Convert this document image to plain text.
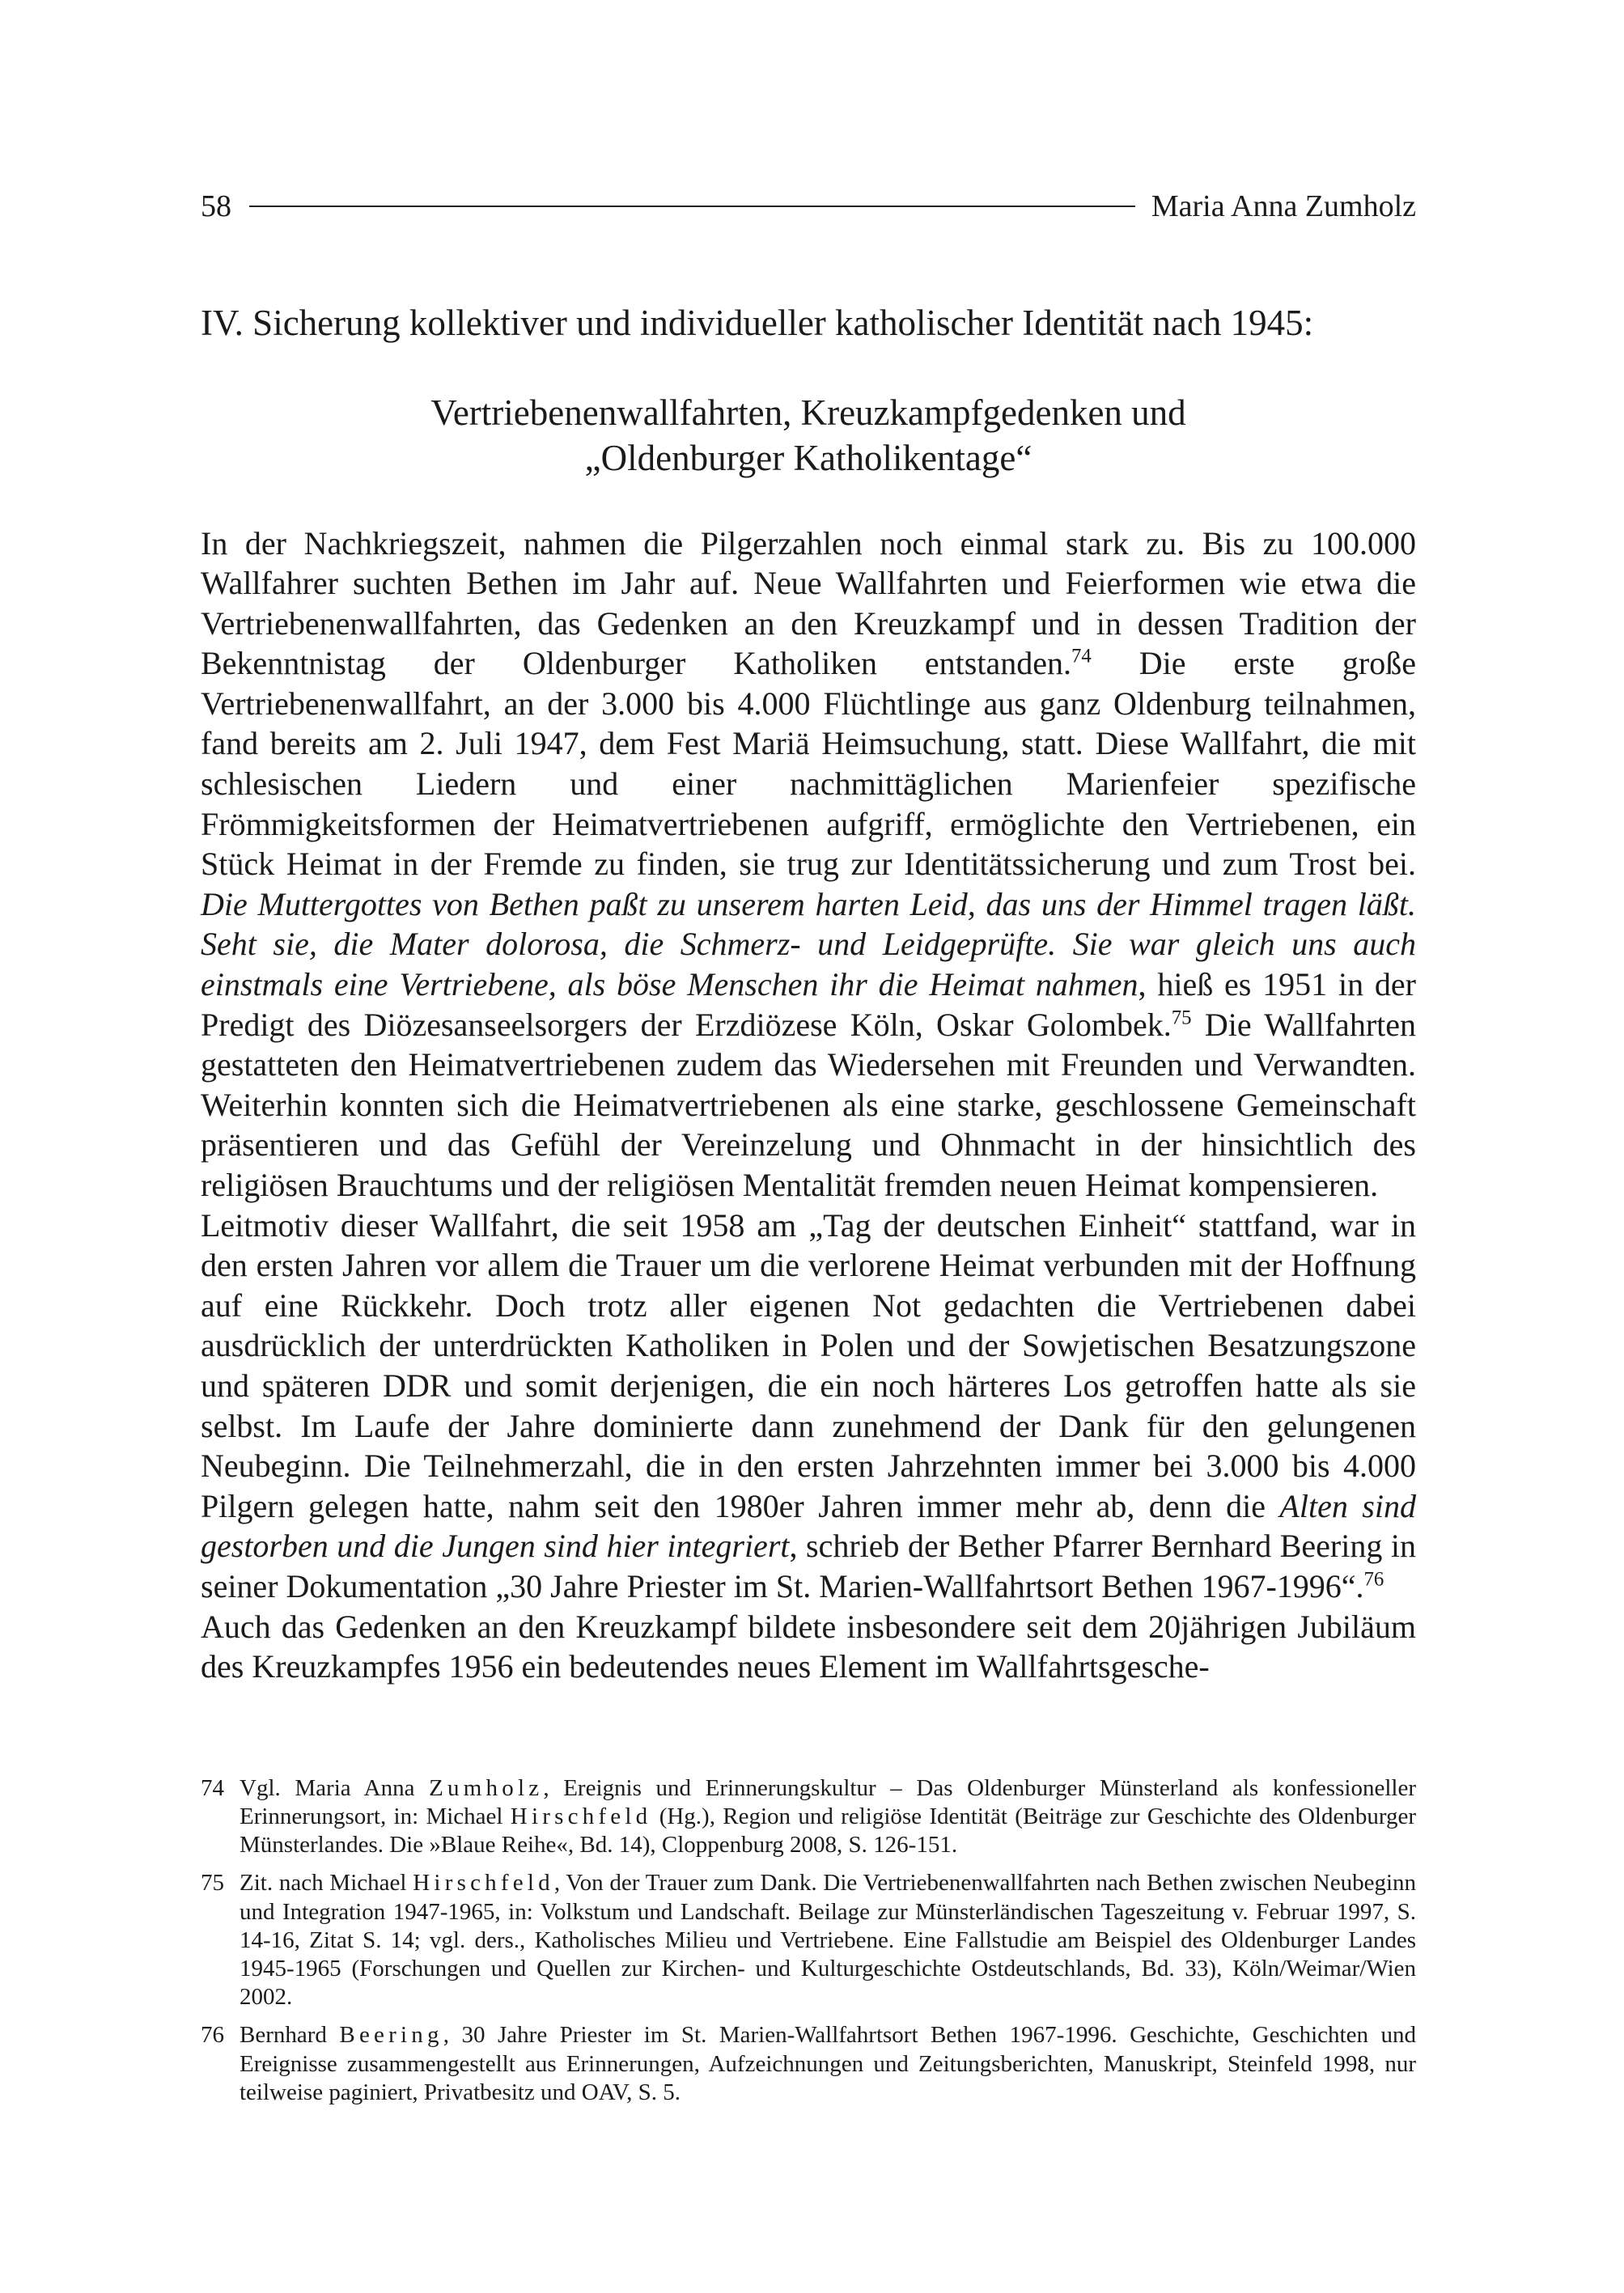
58	Maria Anna Zumholz
IV. Sicherung kollektiver und individueller katholischer Identität nach 1945:
Vertriebenenwallfahrten, Kreuzkampfgedenken und
„Oldenburger Katholikentage“

In der Nachkriegszeit, nahmen die Pilgerzahlen noch einmal stark zu. Bis zu 100.000 Wallfahrer suchten Bethen im Jahr auf. Neue Wallfahrten und Feierformen wie etwa die Vertriebenenwallfahrten, das Gedenken an den Kreuzkampf und in dessen Tradition der Bekenntnistag der Oldenburger Katholiken entstanden.$^{74}$ Die erste große Vertriebenenwallfahrt, an der 3.000 bis 4.000 Flüchtlinge aus ganz Oldenburg teilnahmen, fand bereits am 2. Juli 1947, dem Fest Mariä Heimsuchung, statt. Diese Wallfahrt, die mit schlesischen Liedern und einer nachmittäglichen Marienfeier spezifische Frömmigkeitsformen der Heimatvertriebenen aufgriff, ermöglichte den Vertriebenen, ein Stück Heimat in der Fremde zu finden, sie trug zur Identitätssicherung und zum Trost bei. Die Muttergottes von Bethen paßt zu unserem harten Leid, das uns der Himmel tragen läßt. Seht sie, die Mater dolorosa, die Schmerz- und Leidgeprüfte. Sie war gleich uns auch einstmals eine Vertriebene, als böse Menschen ihr die Heimat nahmen, hieß es 1951 in der Predigt des Diözesanseelsorgers der Erzdiözese Köln, Oskar Golombek.$^{75}$ Die Wallfahrten gestatteten den Heimatvertriebenen zudem das Wiedersehen mit Freunden und Verwandten. Weiterhin konnten sich die Heimatvertriebenen als eine starke, geschlossene Gemeinschaft präsentieren und das Gefühl der Vereinzelung und Ohnmacht in der hinsichtlich des religiösen Brauchtums und der religiösen Mentalität fremden neuen Heimat kompensieren.

Leitmotiv dieser Wallfahrt, die seit 1958 am „Tag der deutschen Einheit“ stattfand, war in den ersten Jahren vor allem die Trauer um die verlorene Heimat verbunden mit der Hoffnung auf eine Rückkehr. Doch trotz aller eigenen Not gedachten die Vertriebenen dabei ausdrücklich der unterdrückten Katholiken in Polen und der Sowjetischen Besatzungszone und späteren DDR und somit derjenigen, die ein noch härteres Los getroffen hatte als sie selbst. Im Laufe der Jahre dominierte dann zunehmend der Dank für den gelungenen Neubeginn. Die Teilnehmerzahl, die in den ersten Jahrzehnten immer bei 3.000 bis 4.000 Pilgern gelegen hatte, nahm seit den 1980er Jahren immer mehr ab, denn die Alten sind gestorben und die Jungen sind hier integriert, schrieb der Bether Pfarrer Bernhard Beering in seiner Dokumentation „30 Jahre Priester im St. Marien-Wallfahrtsort Bethen 1967-1996“.$^{76}$

Auch das Gedenken an den Kreuzkampf bildete insbesondere seit dem 20jährigen Jubiläum des Kreuzkampfes 1956 ein bedeutendes neues Element im Wallfahrtsgesche-

74 Vgl. Maria Anna Zumholz, Ereignis und Erinnerungskultur – Das Oldenburger Münsterland als konfessioneller Erinnerungsort, in: Michael Hirschfeld (Hg.), Region und religiöse Identität (Beiträge zur Geschichte des Oldenburger Münsterlandes. Die »Blaue Reihe«, Bd. 14), Cloppenburg 2008, S. 126-151.
75 Zit. nach Michael Hirschfeld, Von der Trauer zum Dank. Die Vertriebenenwallfahrten nach Bethen zwischen Neubeginn und Integration 1947-1965, in: Volkstum und Landschaft. Beilage zur Münsterländischen Tageszeitung v. Februar 1997, S. 14-16, Zitat S. 14; vgl. ders., Katholisches Milieu und Vertriebene. Eine Fallstudie am Beispiel des Oldenburger Landes 1945-1965 (Forschungen und Quellen zur Kirchen- und Kulturgeschichte Ostdeutschlands, Bd. 33), Köln/Weimar/Wien 2002.
76 Bernhard Beering, 30 Jahre Priester im St. Marien-Wallfahrtsort Bethen 1967-1996. Geschichte, Geschichten und Ereignisse zusammengestellt aus Erinnerungen, Aufzeichnungen und Zeitungsberichten, Manuskript, Steinfeld 1998, nur teilweise paginiert, Privatbesitz und OAV, S. 5.
